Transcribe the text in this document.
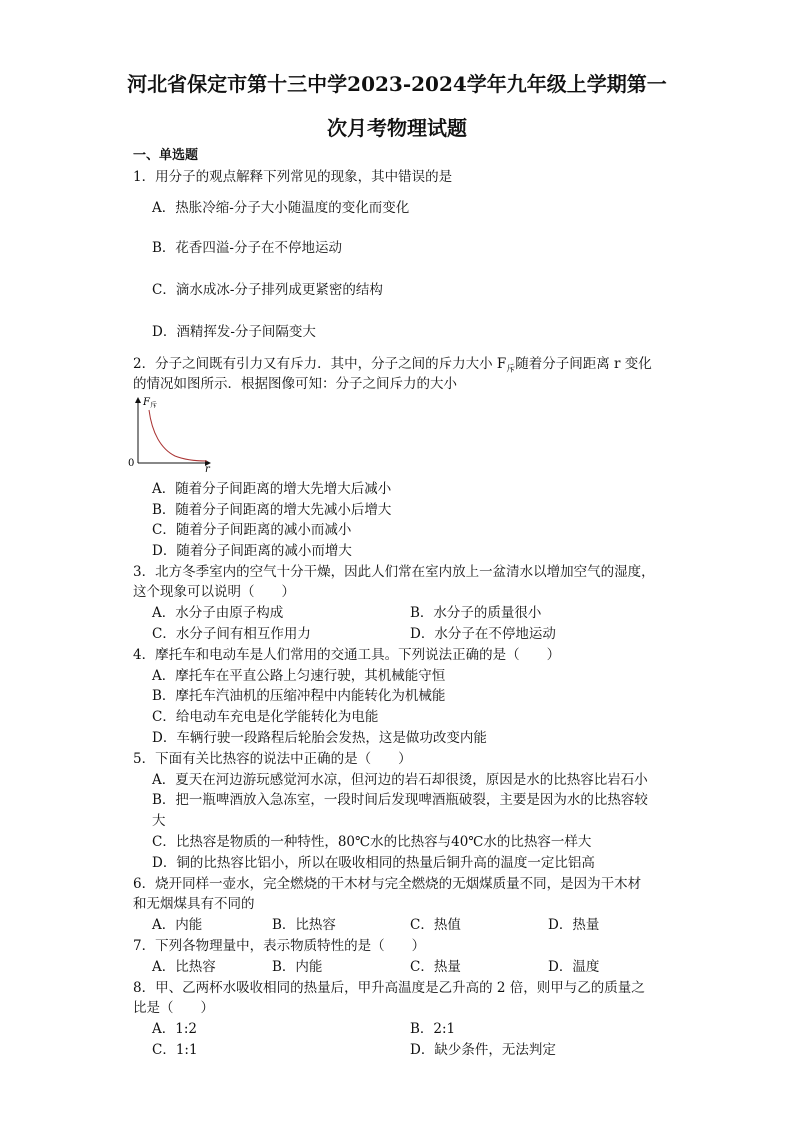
河北省保定市第十三中学2023-2024学年九年级上学期第一
次月考物理试题
一、单选题
1．用分子的观点解释下列常见的现象，其中错误的是
A．热胀冷缩-分子大小随温度的变化而变化
B．花香四溢-分子在不停地运动
C．滴水成冰-分子排列成更紧密的结构
D．酒精挥发-分子间隔变大
2．分子之间既有引力又有斥力．其中，分子之间的斥力大小 $F_斥$随着分子间距离 r 变化
的情况如图所示．根据图像可知：分子之间斥力的大小
$F_斥$
r
0
A．随着分子间距离的增大先增大后减小
B．随着分子间距离的增大先减小后增大
C．随着分子间距离的减小而减小
D．随着分子间距离的减小而增大
3．北方冬季室内的空气十分干燥，因此人们常在室内放上一盆清水以增加空气的湿度，
这个现象可以说明（　　）
A．水分子由原子构成	B．水分子的质量很小
C．水分子间有相互作用力	D．水分子在不停地运动
4．摩托车和电动车是人们常用的交通工具。下列说法正确的是（　　）
A．摩托车在平直公路上匀速行驶，其机械能守恒
B．摩托车汽油机的压缩冲程中内能转化为机械能
C．给电动车充电是化学能转化为电能
D．车辆行驶一段路程后轮胎会发热，这是做功改变内能
5．下面有关比热容的说法中正确的是（　　）
A．夏天在河边游玩感觉河水凉，但河边的岩石却很烫，原因是水的比热容比岩石小
B．把一瓶啤酒放入急冻室，一段时间后发现啤酒瓶破裂，主要是因为水的比热容较
大
C．比热容是物质的一种特性，80℃水的比热容与40℃水的比热容一样大
D．铜的比热容比铝小，所以在吸收相同的热量后铜升高的温度一定比铝高
6．烧开同样一壶水，完全燃烧的干木材与完全燃烧的无烟煤质量不同，是因为干木材
和无烟煤具有不同的
A．内能	B．比热容	C．热值	D．热量
7．下列各物理量中，表示物质特性的是（　　）
A．比热容	B．内能	C．热量	D．温度
8．甲、乙两杯水吸收相同的热量后，甲升高温度是乙升高的 2 倍，则甲与乙的质量之
比是（　　）
A．1:2	B．2:1
C．1:1	D．缺少条件，无法判定
